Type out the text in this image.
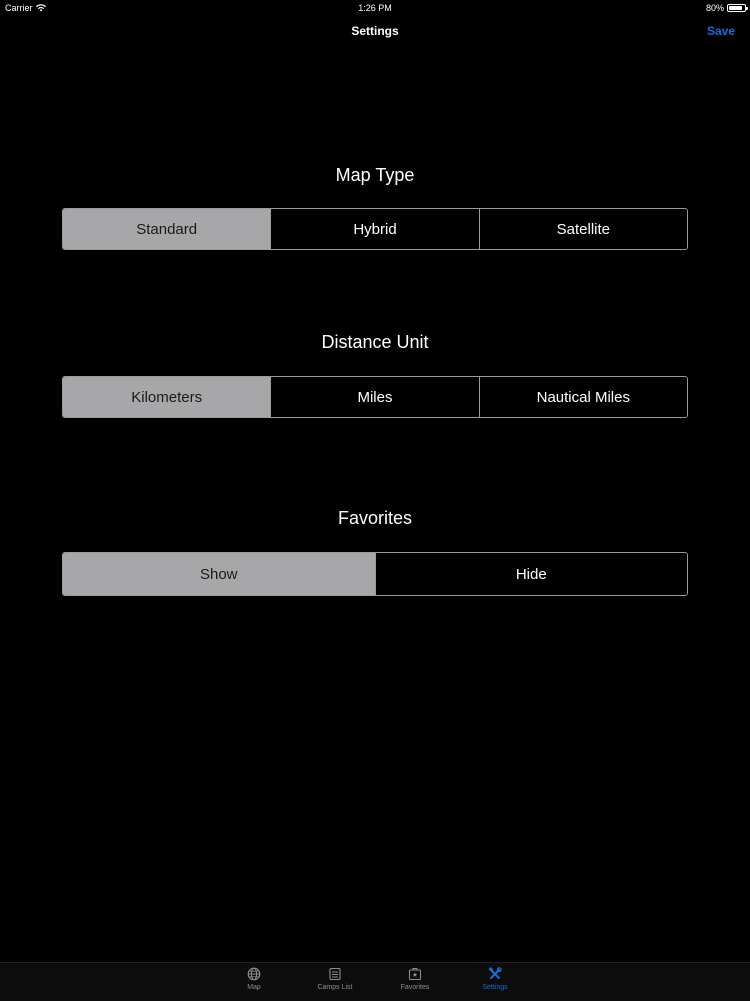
Carrier	1:26 PM	80%
Settings	Save
Map Type
Standard	Hybrid	Satellite
Distance Unit
Kilometers	Miles	Nautical Miles
Favorites
Show	Hide
Map	Camps List	Favorites	Settings
